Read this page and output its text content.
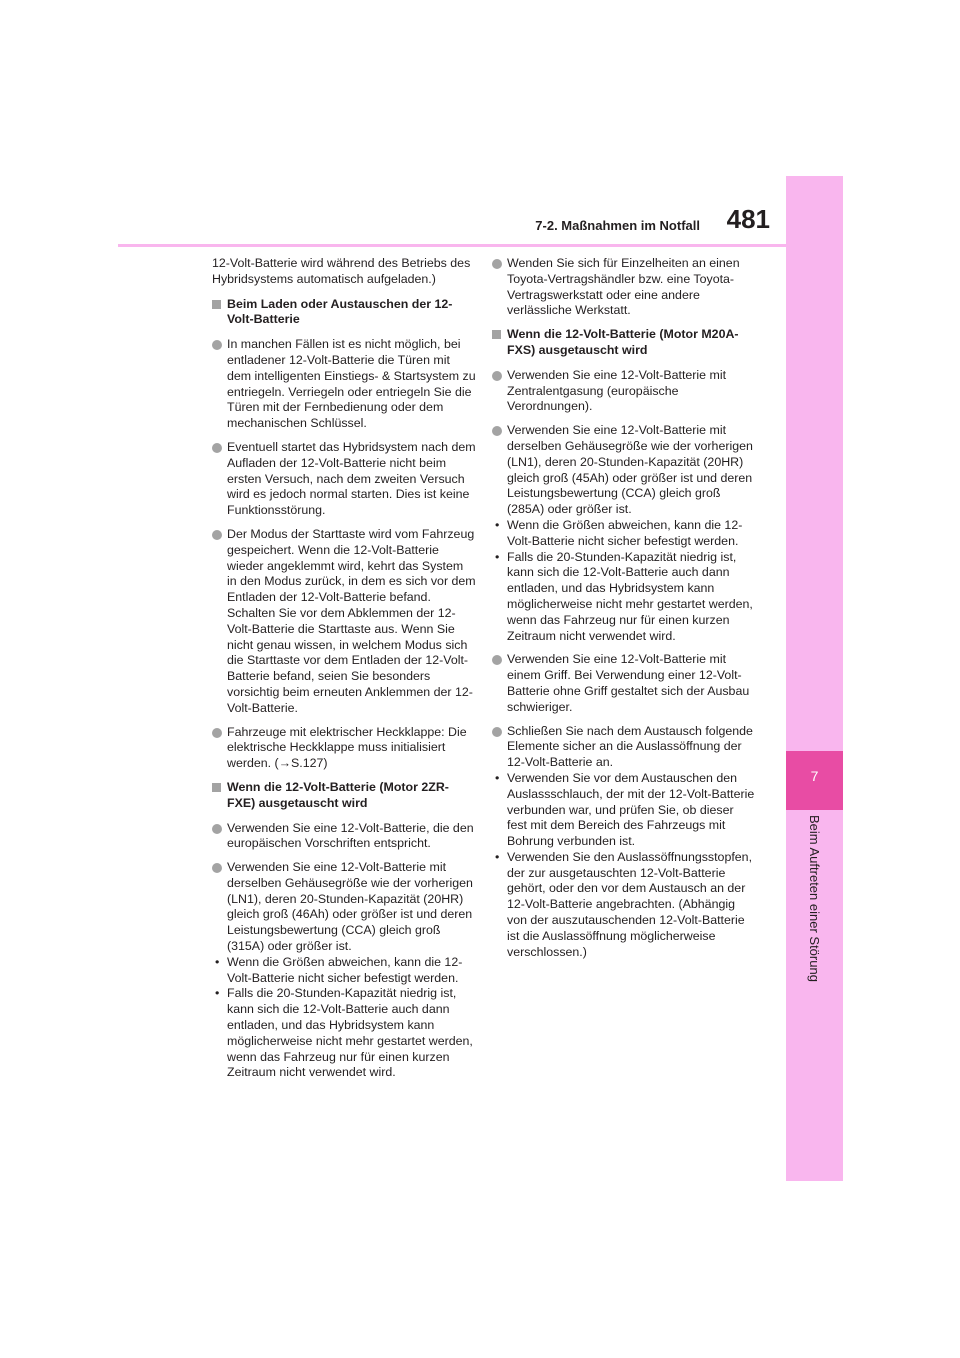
7-2. Maßnahmen im Notfall	481
7
Beim Auftreten einer Störung

12-Volt-Batterie wird während des Betriebs des Hybridsystems automatisch aufgeladen.)

Beim Laden oder Austauschen der 12-Volt-Batterie

In manchen Fällen ist es nicht möglich, bei entladener 12-Volt-Batterie die Türen mit dem intelligenten Einstiegs- & Startsystem zu entriegeln. Verriegeln oder entriegeln Sie die Türen mit der Fernbedienung oder dem mechanischen Schlüssel.

Eventuell startet das Hybridsystem nach dem Aufladen der 12-Volt-Batterie nicht beim ersten Versuch, nach dem zweiten Versuch wird es jedoch normal starten. Dies ist keine Funktionsstörung.

Der Modus der Starttaste wird vom Fahrzeug gespeichert. Wenn die 12-Volt-Batterie wieder angeklemmt wird, kehrt das System in den Modus zurück, in dem es sich vor dem Entladen der 12-Volt-Batterie befand. Schalten Sie vor dem Abklemmen der 12-Volt-Batterie die Starttaste aus. Wenn Sie nicht genau wissen, in welchem Modus sich die Starttaste vor dem Entladen der 12-Volt-Batterie befand, seien Sie besonders vorsichtig beim erneuten Anklemmen der 12-Volt-Batterie.

Fahrzeuge mit elektrischer Heckklappe: Die elektrische Heckklappe muss initialisiert werden. (→S.127)

Wenn die 12-Volt-Batterie (Motor 2ZR-FXE) ausgetauscht wird

Verwenden Sie eine 12-Volt-Batterie, die den europäischen Vorschriften entspricht.

Verwenden Sie eine 12-Volt-Batterie mit derselben Gehäusegröße wie der vorherigen (LN1), deren 20-Stunden-Kapazität (20HR) gleich groß (46Ah) oder größer ist und deren Leistungsbewertung (CCA) gleich groß (315A) oder größer ist.

• Wenn die Größen abweichen, kann die 12-Volt-Batterie nicht sicher befestigt werden.
• Falls die 20-Stunden-Kapazität niedrig ist, kann sich die 12-Volt-Batterie auch dann entladen, und das Hybridsystem kann möglicherweise nicht mehr gestartet werden, wenn das Fahrzeug nur für einen kurzen Zeitraum nicht verwendet wird.

Wenden Sie sich für Einzelheiten an einen Toyota-Vertragshändler bzw. eine Toyota-Vertragswerkstatt oder eine andere verlässliche Werkstatt.

Wenn die 12-Volt-Batterie (Motor M20A-FXS) ausgetauscht wird

Verwenden Sie eine 12-Volt-Batterie mit Zentralentgasung (europäische Verordnungen).

Verwenden Sie eine 12-Volt-Batterie mit derselben Gehäusegröße wie der vorherigen (LN1), deren 20-Stunden-Kapazität (20HR) gleich groß (45Ah) oder größer ist und deren Leistungsbewertung (CCA) gleich groß (285A) oder größer ist.

• Wenn die Größen abweichen, kann die 12-Volt-Batterie nicht sicher befestigt werden.
• Falls die 20-Stunden-Kapazität niedrig ist, kann sich die 12-Volt-Batterie auch dann entladen, und das Hybridsystem kann möglicherweise nicht mehr gestartet werden, wenn das Fahrzeug nur für einen kurzen Zeitraum nicht verwendet wird.

Verwenden Sie eine 12-Volt-Batterie mit einem Griff. Bei Verwendung einer 12-Volt-Batterie ohne Griff gestaltet sich der Ausbau schwieriger.

Schließen Sie nach dem Austausch folgende Elemente sicher an die Auslassöffnung der 12-Volt-Batterie an.

• Verwenden Sie vor dem Austauschen den Auslassschlauch, der mit der 12-Volt-Batterie verbunden war, und prüfen Sie, ob dieser fest mit dem Bereich des Fahrzeugs mit Bohrung verbunden ist.
• Verwenden Sie den Auslassöffnungsstopfen, der zur ausgetauschten 12-Volt-Batterie gehört, oder den vor dem Austausch an der 12-Volt-Batterie angebrachten. (Abhängig von der auszutauschenden 12-Volt-Batterie ist die Auslassöffnung möglicherweise verschlossen.)
